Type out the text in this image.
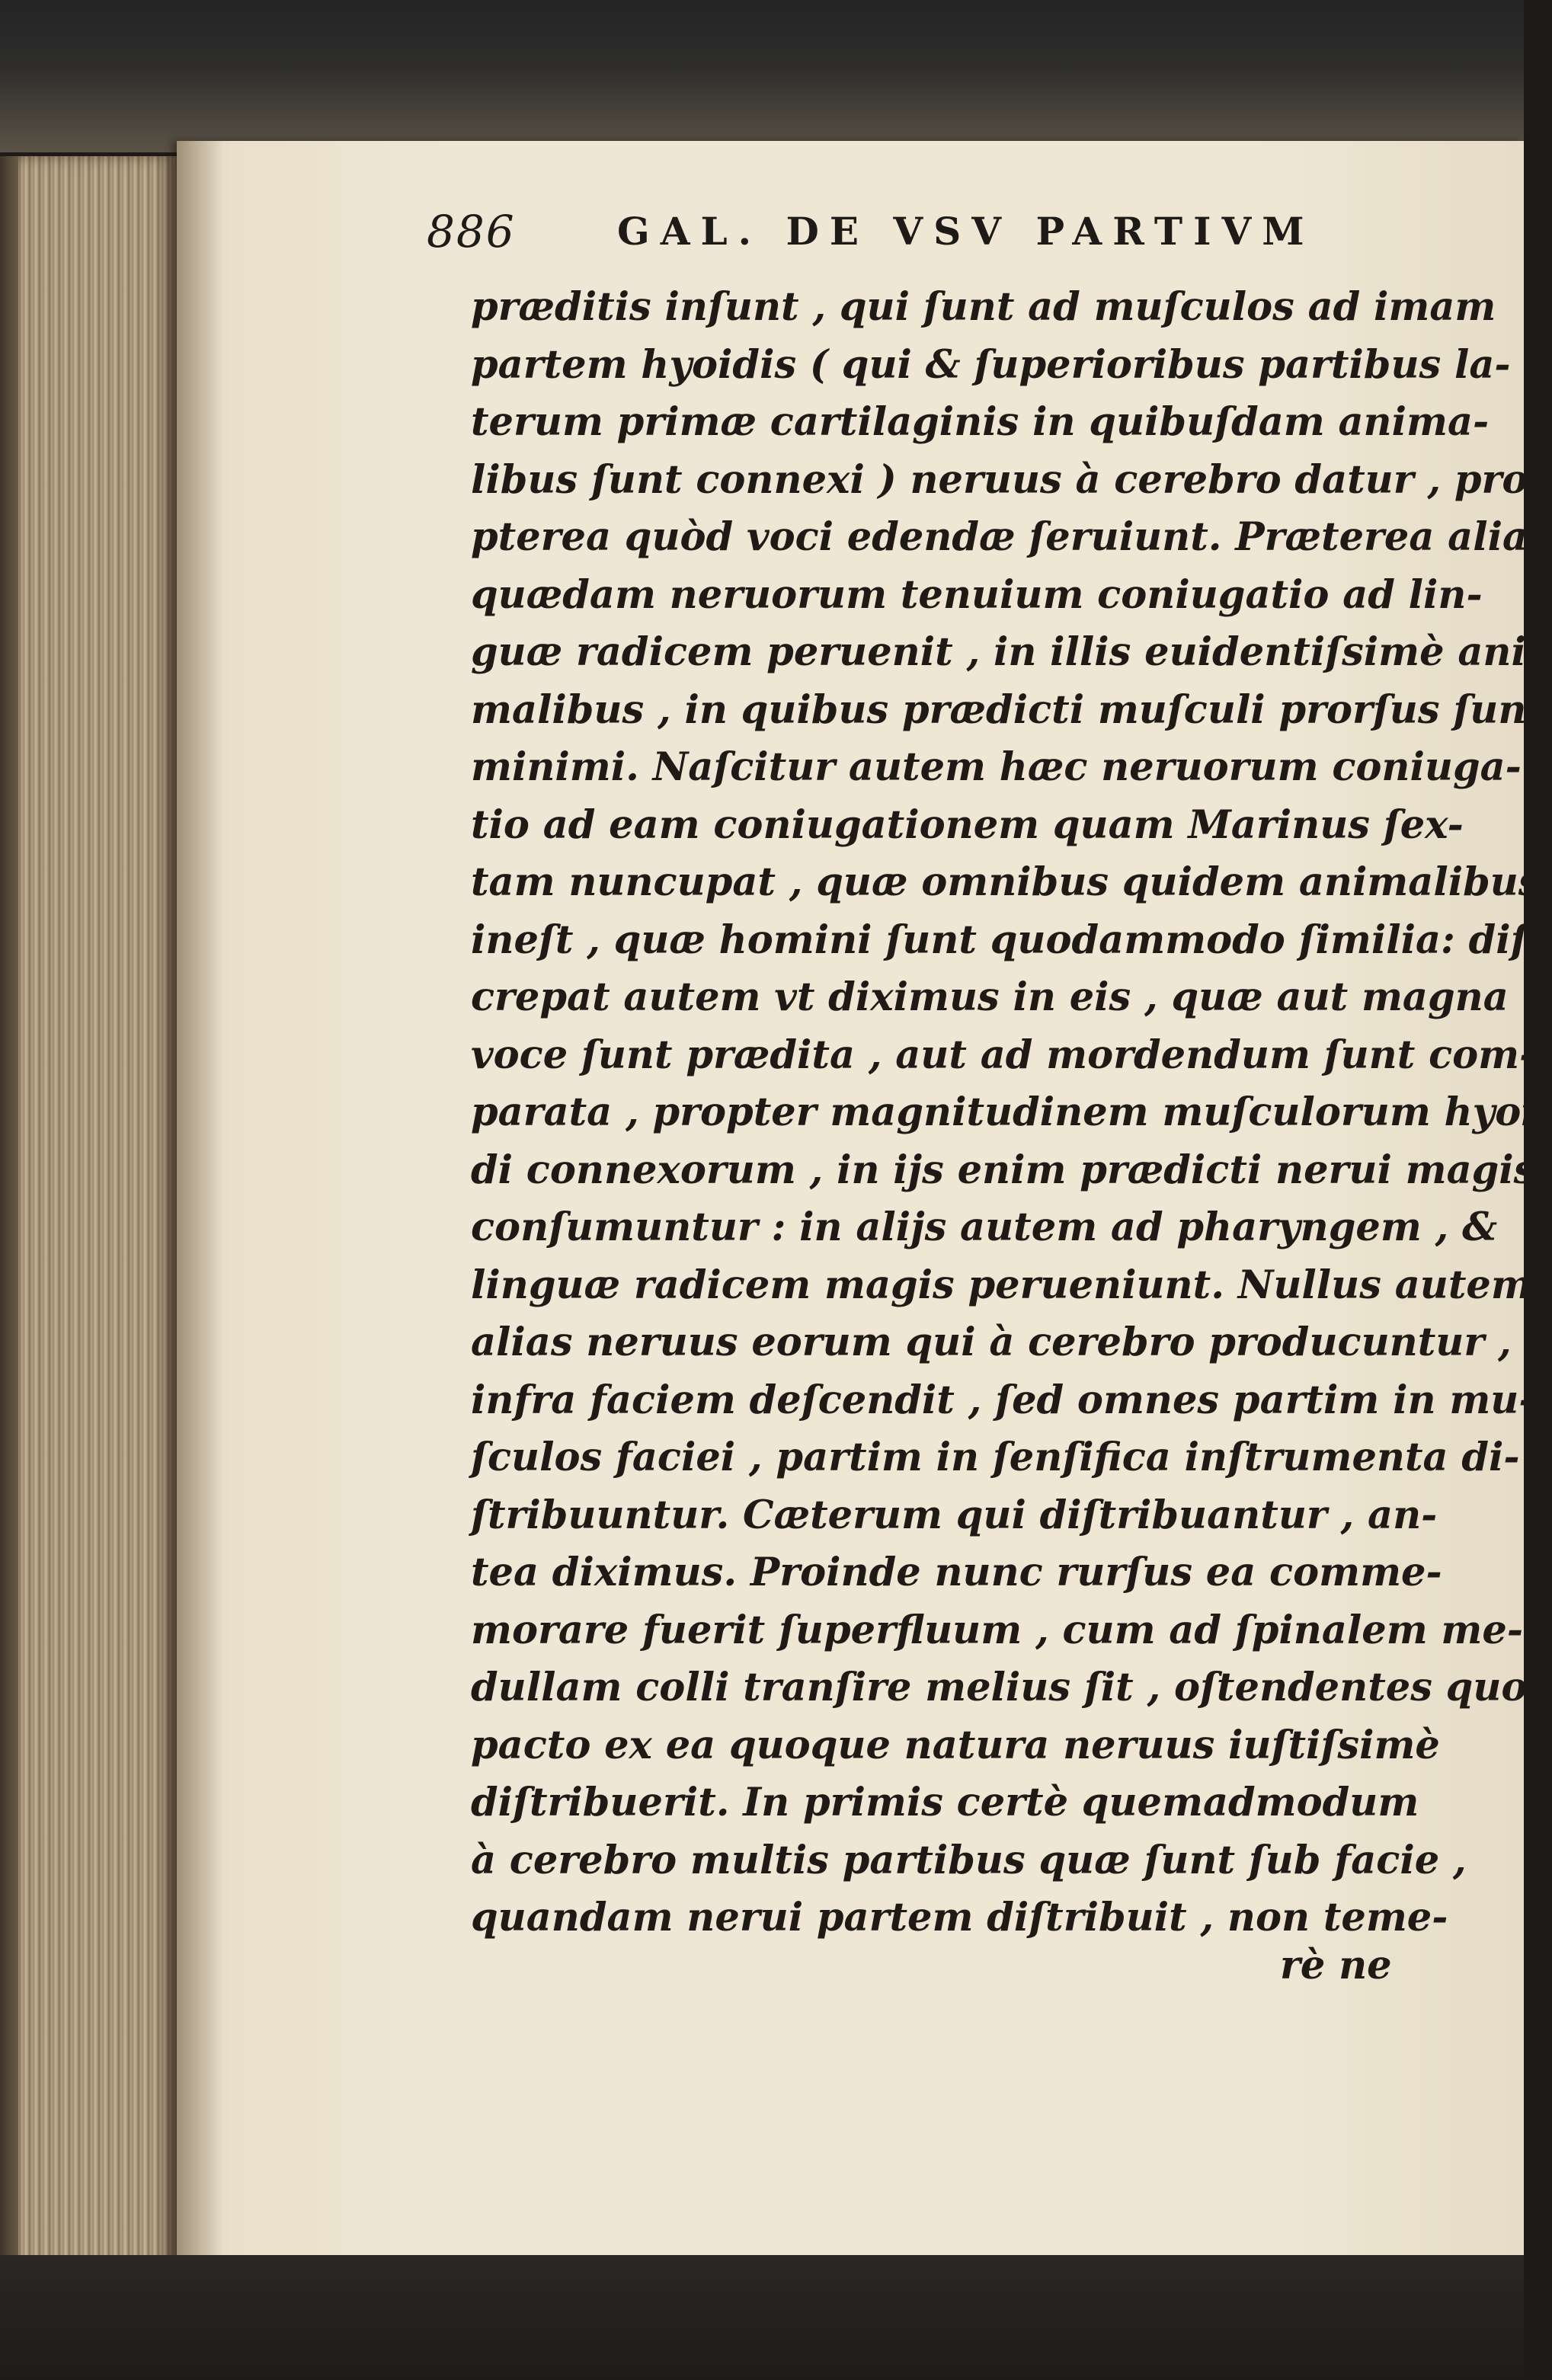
886	GAL. DE VSV PARTIVM
præditis inſunt , qui ſunt ad muſculos ad imam
partem hyoidis ( qui & ſuperioribus partibus la-
terum primæ cartilaginis in quibuſdam anima-
libus ſunt connexi ) neruus à cerebro datur , pro-
pterea quòd voci edendæ ſeruiunt. Præterea alia
quædam neruorum tenuium coniugatio ad lin-
guæ radicem peruenit , in illis euidentiſsimè ani-
malibus , in quibus prædicti muſculi prorſus ſunt
minimi. Naſcitur autem hæc neruorum coniuga-
tio ad eam coniugationem quam Marinus ſex-
tam nuncupat , quæ omnibus quidem animalibus
ineſt , quæ homini ſunt quodammodo ſimilia: diſ-
crepat autem vt diximus in eis , quæ aut magna
voce ſunt prædita , aut ad mordendum ſunt com-
parata , propter magnitudinem muſculorum hyoi-
di connexorum , in ijs enim prædicti nerui magis
conſumuntur : in alijs autem ad pharyngem , &
linguæ radicem magis perueniunt. Nullus autem
alias neruus eorum qui à cerebro producuntur ,
infra faciem deſcendit , ſed omnes partim in mu-
ſculos faciei , partim in ſenſifica inſtrumenta di-
ſtribuuntur. Cæterum qui diſtribuantur , an-
tea diximus. Proinde nunc rurſus ea comme-
morare fuerit ſuperfluum , cum ad ſpinalem me-
dullam colli tranſire melius ſit , oſtendentes quo
pacto ex ea quoque natura neruus iuſtiſsimè
diſtribuerit. In primis certè quemadmodum
à cerebro multis partibus quæ ſunt ſub facie ,
quandam nerui partem diſtribuit , non teme-
rè ne
